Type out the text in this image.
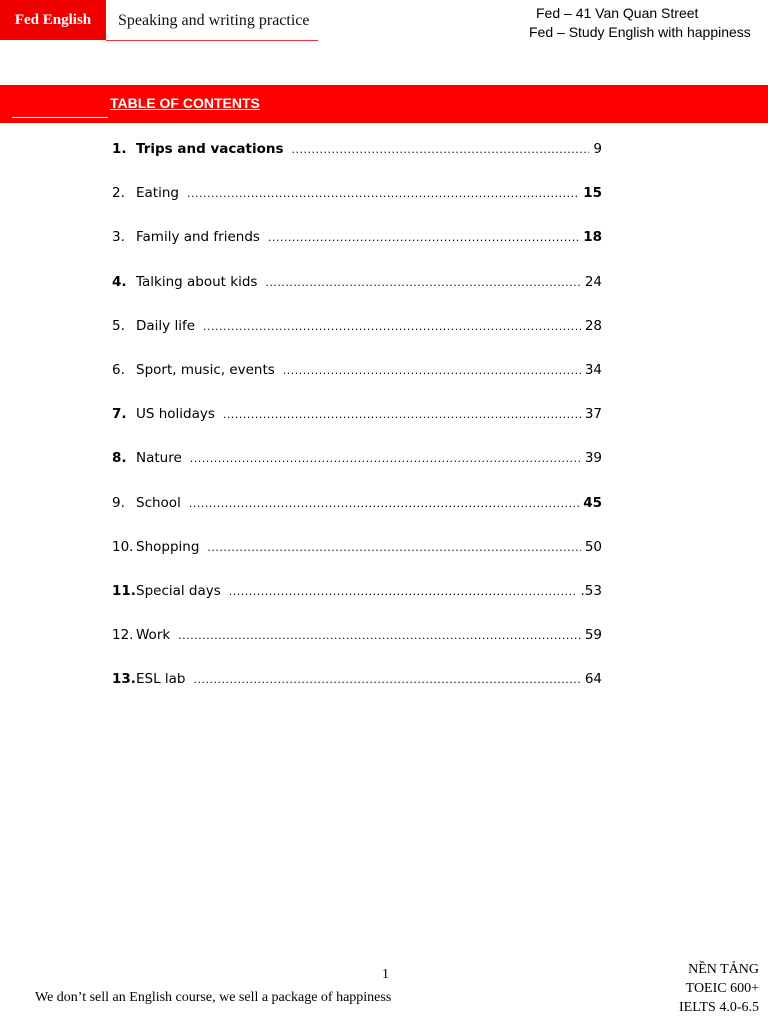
Fed English Speaking and writing practice	Fed – 41 Van Quan Street
Fed – Study English with happiness
TABLE OF CONTENTS
1. Trips and vacations .....	9
2. Eating .....	15
3. Family and friends .....	18
4. Talking about kids .....	24
5. Daily life .....	28
6. Sport, music, events .....	34
7. US holidays .....	37
8. Nature .....	39
9. School .....	45
10. Shopping .....	50
11. Special days .....	.53
12. Work .....	59
13. ESL lab .....	64
1
We don’t sell an English course, we sell a package of happiness
NỀN TẢNG
TOEIC 600+
IELTS 4.0-6.5
